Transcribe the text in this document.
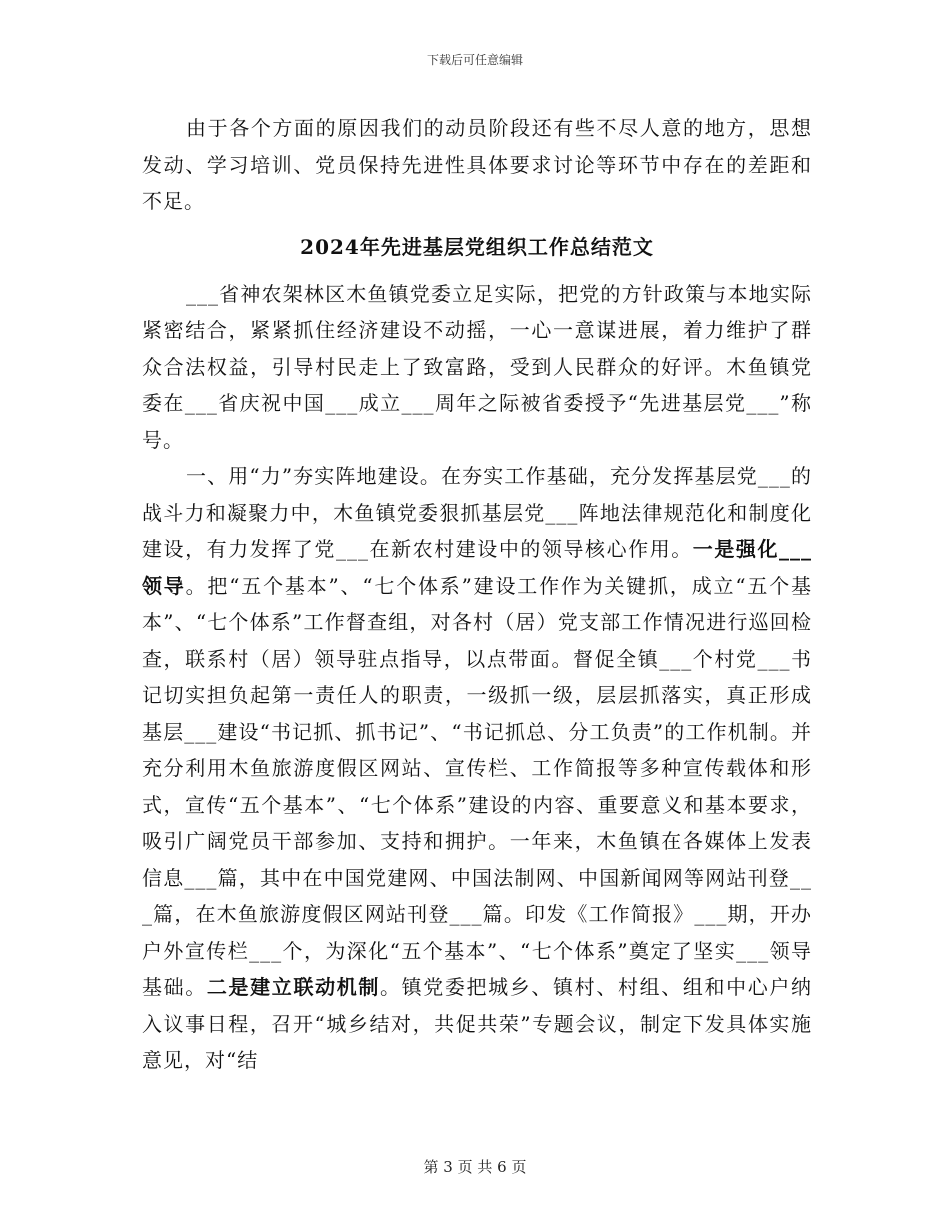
下载后可任意编辑

由于各个方面的原因我们的动员阶段还有些不尽人意的地方，思想发动、学习培训、党员保持先进性具体要求讨论等环节中存在的差距和不足。

2024年先进基层党组织工作总结范文

___省神农架林区木鱼镇党委立足实际，把党的方针政策与本地实际紧密结合，紧紧抓住经济建设不动摇，一心一意谋进展，着力维护了群众合法权益，引导村民走上了致富路，受到人民群众的好评。木鱼镇党委在___省庆祝中国___成立___周年之际被省委授予“先进基层党___”称号。

一、用“力”夯实阵地建设。在夯实工作基础，充分发挥基层党___的战斗力和凝聚力中，木鱼镇党委狠抓基层党___阵地法律规范化和制度化建设，有力发挥了党___在新农村建设中的领导核心作用。一是强化___领导。把“五个基本”、“七个体系”建设工作作为关键抓，成立“五个基本”、“七个体系”工作督查组，对各村（居）党支部工作情况进行巡回检查，联系村（居）领导驻点指导，以点带面。督促全镇___个村党___书记切实担负起第一责任人的职责，一级抓一级，层层抓落实，真正形成基层___建设“书记抓、抓书记”、“书记抓总、分工负责”的工作机制。并充分利用木鱼旅游度假区网站、宣传栏、工作简报等多种宣传载体和形式，宣传“五个基本”、“七个体系”建设的内容、重要意义和基本要求，吸引广阔党员干部参加、支持和拥护。一年来，木鱼镇在各媒体上发表信息___篇，其中在中国党建网、中国法制网、中国新闻网等网站刊登___篇，在木鱼旅游度假区网站刊登___篇。印发《工作简报》___期，开办户外宣传栏___个，为深化“五个基本”、“七个体系”奠定了坚实___领导基础。二是建立联动机制。镇党委把城乡、镇村、村组、组和中心户纳入议事日程，召开“城乡结对，共促共荣”专题会议，制定下发具体实施意见，对“结

第 3 页 共 6 页
